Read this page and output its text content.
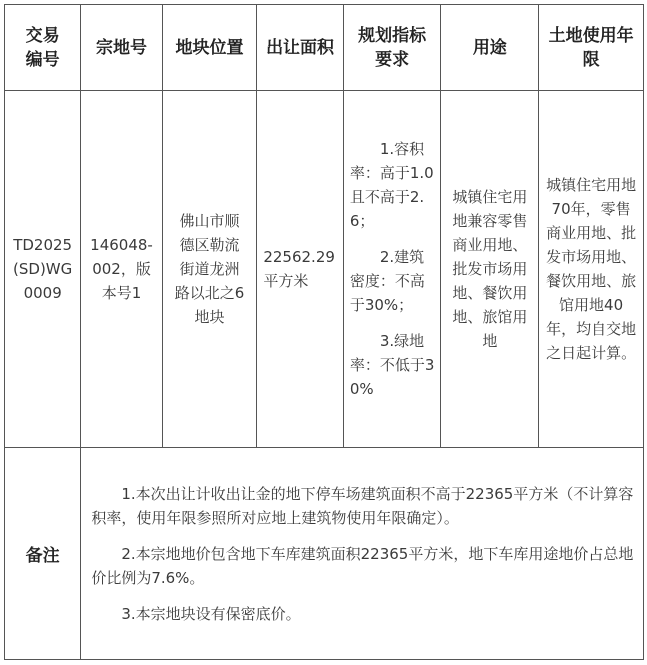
交易编号	宗地号	地块位置	出让面积	规划指标要求	用途	土地使用年限

TD2025(SD)WG0009	146048-002，版本号1	佛山市顺德区勒流街道龙洲路以北之6地块	22562.29平方米	1.容积率：高于1.0且不高于2.6；
2.建筑密度：不高于30%；
3.绿地率：不低于30%	城镇住宅用地兼容零售商业用地、批发市场用地、餐饮用地、旅馆用地	城镇住宅用地70年，零售商业用地、批发市场用地、餐饮用地、旅馆用地40年，均自交地之日起计算。

备注	1.本次出让计收出让金的地下停车场建筑面积不高于22365平方米（不计算容积率，使用年限参照所对应地上建筑物使用年限确定）。
2.本宗地地价包含地下车库建筑面积22365平方米，地下车库用途地价占总地价比例为7.6%。
3.本宗地块设有保密底价。					
